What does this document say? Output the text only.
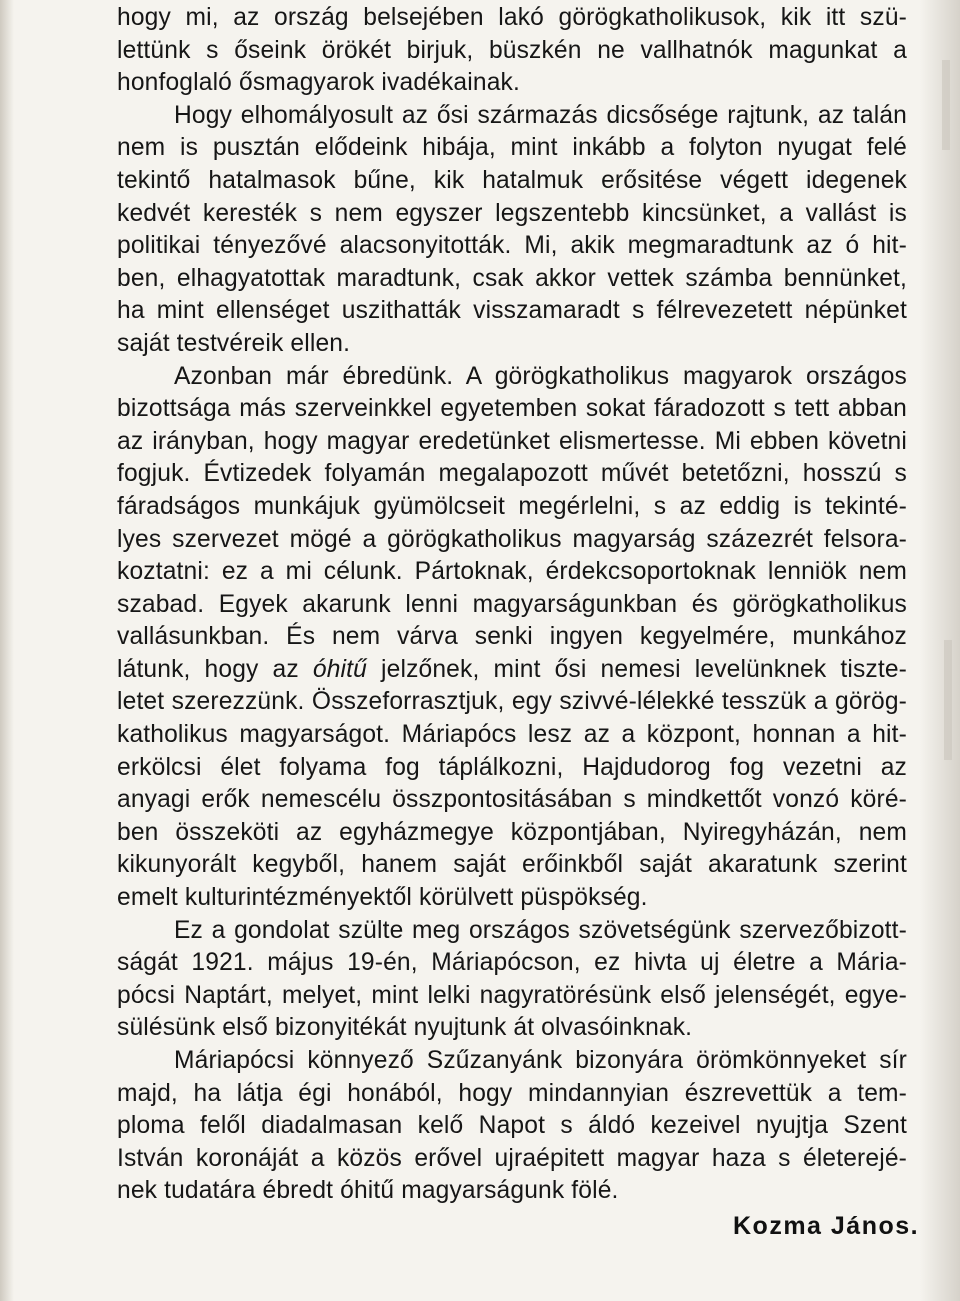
hogy mi, az ország belsejében lakó görögkatholikusok, kik itt szü-
lettünk s őseink örökét birjuk, büszkén ne vallhatnók magunkat a
honfoglaló ősmagyarok ivadékainak.
Hogy elhomályosult az ősi származás dicsősége rajtunk, az talán
nem is pusztán elődeink hibája, mint inkább a folyton nyugat felé
tekintő hatalmasok bűne, kik hatalmuk erősitése végett idegenek
kedvét keresték s nem egyszer legszentebb kincsünket, a vallást is
politikai tényezővé alacsonyitották. Mi, akik megmaradtunk az ó hit-
ben, elhagyatottak maradtunk, csak akkor vettek számba bennünket,
ha mint ellenséget uszithatták visszamaradt s félrevezetett népünket
saját testvéreik ellen.
Azonban már ébredünk. A görögkatholikus magyarok országos
bizottsága más szerveinkkel egyetemben sokat fáradozott s tett abban
az irányban, hogy magyar eredetünket elismertesse. Mi ebben követni
fogjuk. Évtizedek folyamán megalapozott művét betetőzni, hosszú s
fáradságos munkájuk gyümölcseit megérlelni, s az eddig is tekinté-
lyes szervezet mögé a görögkatholikus magyarság százezrét felsora-
koztatni: ez a mi célunk. Pártoknak, érdekcsoportoknak lenniök nem
szabad. Egyek akarunk lenni magyarságunkban és görögkatholikus
vallásunkban. És nem várva senki ingyen kegyelmére, munkához
látunk, hogy az óhitű jelzőnek, mint ősi nemesi levelünknek tiszte-
letet szerezzünk. Összeforrasztjuk, egy szivvé-lélekké tesszük a görög-
katholikus magyarságot. Máriapócs lesz az a központ, honnan a hit-
erkölcsi élet folyama fog táplálkozni, Hajdudorog fog vezetni az
anyagi erők nemescélu összpontositásában s mindkettőt vonzó köré-
ben összeköti az egyházmegye központjában, Nyiregyházán, nem
kikunyorált kegyből, hanem saját erőinkből saját akaratunk szerint
emelt kulturintézményektől körülvett püspökség.
Ez a gondolat szülte meg országos szövetségünk szervezőbizott-
ságát 1921. május 19-én, Máriapócson, ez hivta uj életre a Mária-
pócsi Naptárt, melyet, mint lelki nagyratörésünk első jelenségét, egye-
sülésünk első bizonyitékát nyujtunk át olvasóinknak.
Máriapócsi könnyező Szűzanyánk bizonyára örömkönnyeket sír
majd, ha látja égi honából, hogy mindannyian észrevettük a tem-
ploma felől diadalmasan kelő Napot s áldó kezeivel nyujtja Szent
István koronáját a közös erővel ujraépitett magyar haza s életerejé-
nek tudatára ébredt óhitű magyarságunk fölé.
Kozma János.
